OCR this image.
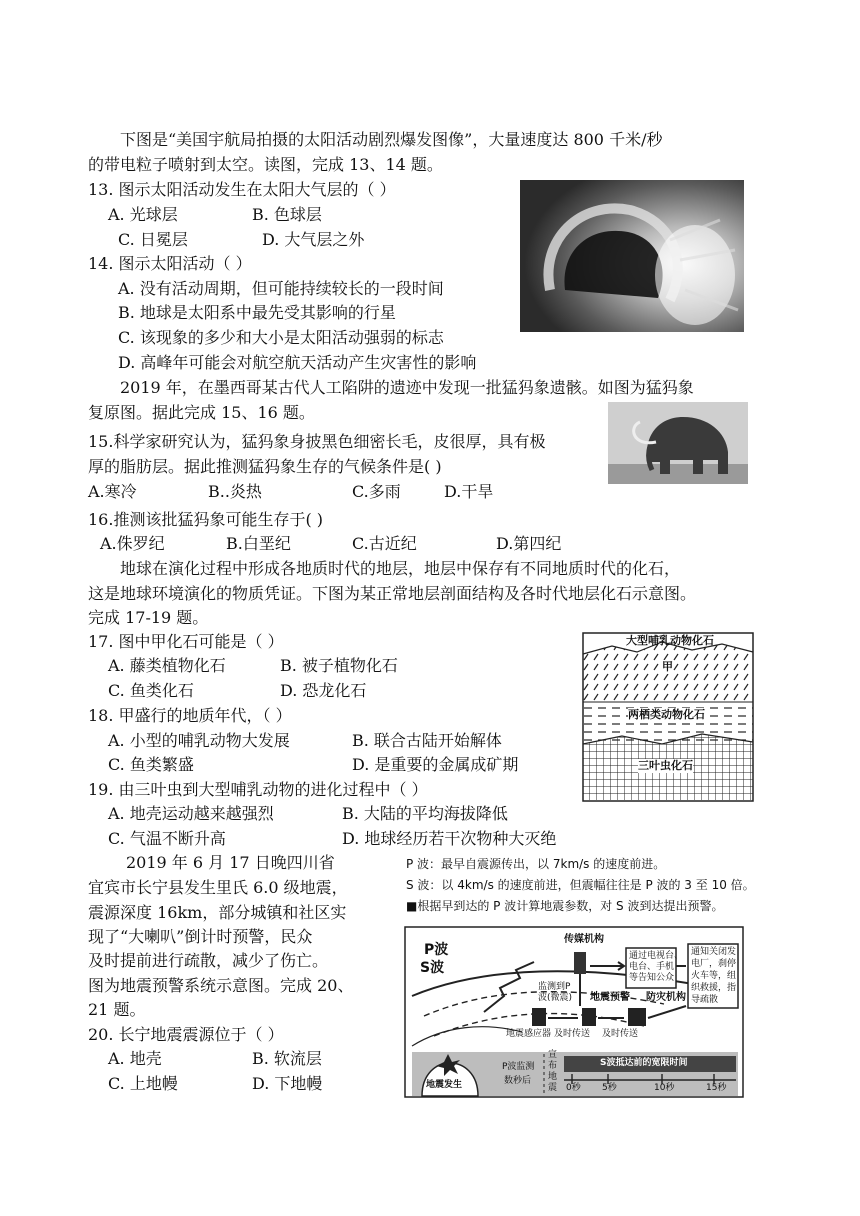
下图是“美国宇航局拍摄的太阳活动剧烈爆发图像”，大量速度达 800 千米/秒
的带电粒子喷射到太空。读图，完成 13、14 题。
13. 图示太阳活动发生在太阳大气层的（ ）
A. 光球层	B. 色球层
C. 日冕层	D. 大气层之外
14. 图示太阳活动（ ）
A. 没有活动周期，但可能持续较长的一段时间
B. 地球是太阳系中最先受其影响的行星
C. 该现象的多少和大小是太阳活动强弱的标志
D. 高峰年可能会对航空航天活动产生灾害性的影响
2019 年，在墨西哥某古代人工陷阱的遗迹中发现一批猛犸象遗骸。如图为猛犸象
复原图。据此完成 15、16 题。
15.科学家研究认为，猛犸象身披黑色细密长毛，皮很厚，具有极
厚的脂肪层。据此推测猛犸象生存的气候条件是( )
A.寒冷	B..炎热	C.多雨	D.干旱
16.推测该批猛犸象可能生存于( )
A.侏罗纪	B.白垩纪	C.古近纪	D.第四纪
地球在演化过程中形成各地质时代的地层，地层中保存有不同地质时代的化石，
这是地球环境演化的物质凭证。下图为某正常地层剖面结构及各时代地层化石示意图。
完成 17-19 题。
大型哺乳动物化石
甲
两栖类动物化石
三叶虫化石
17. 图中甲化石可能是（ ）
A. 藤类植物化石	B. 被子植物化石
C. 鱼类化石	D. 恐龙化石
18. 甲盛行的地质年代，（ ）
A. 小型的哺乳动物大发展	B. 联合古陆开始解体
C. 鱼类繁盛	D. 是重要的金属成矿期
19. 由三叶虫到大型哺乳动物的进化过程中（ ）
A. 地壳运动越来越强烈	B. 大陆的平均海拔降低
C. 气温不断升高	D. 地球经历若干次物种大灭绝
2019 年 6 月 17 日晚四川省
宜宾市长宁县发生里氏 6.0 级地震，
震源深度 16km，部分城镇和社区实
现了“大喇叭”倒计时预警，民众
及时提前进行疏散，减少了伤亡。
图为地震预警系统示意图。完成 20、
21 题。
20. 长宁地震震源位于（ ）
A. 地壳	B. 软流层
C. 上地幔	D. 下地幔
P 波：最早自震源传出，以 7km/s 的速度前进。
S 波：以 4km/s 的速度前进，但震幅往往是 P 波的 3 至 10 倍。
■根据早到达的 P 波计算地震参数，对 S 波到达提出预警。
P波
S波
传媒机构
通过电视台、
电台、手机
等告知公众
通知关闭发
电厂，刹停
火车等，组
织救援，指
导疏散
监测到P
波(微震) 地震预警 防灾机构
地震感应器 及时传送 及时传送
地震发生
P波监测
数秒后
宣布地震
S波抵达前的宽限时间
0秒 5秒	10秒	15秒
